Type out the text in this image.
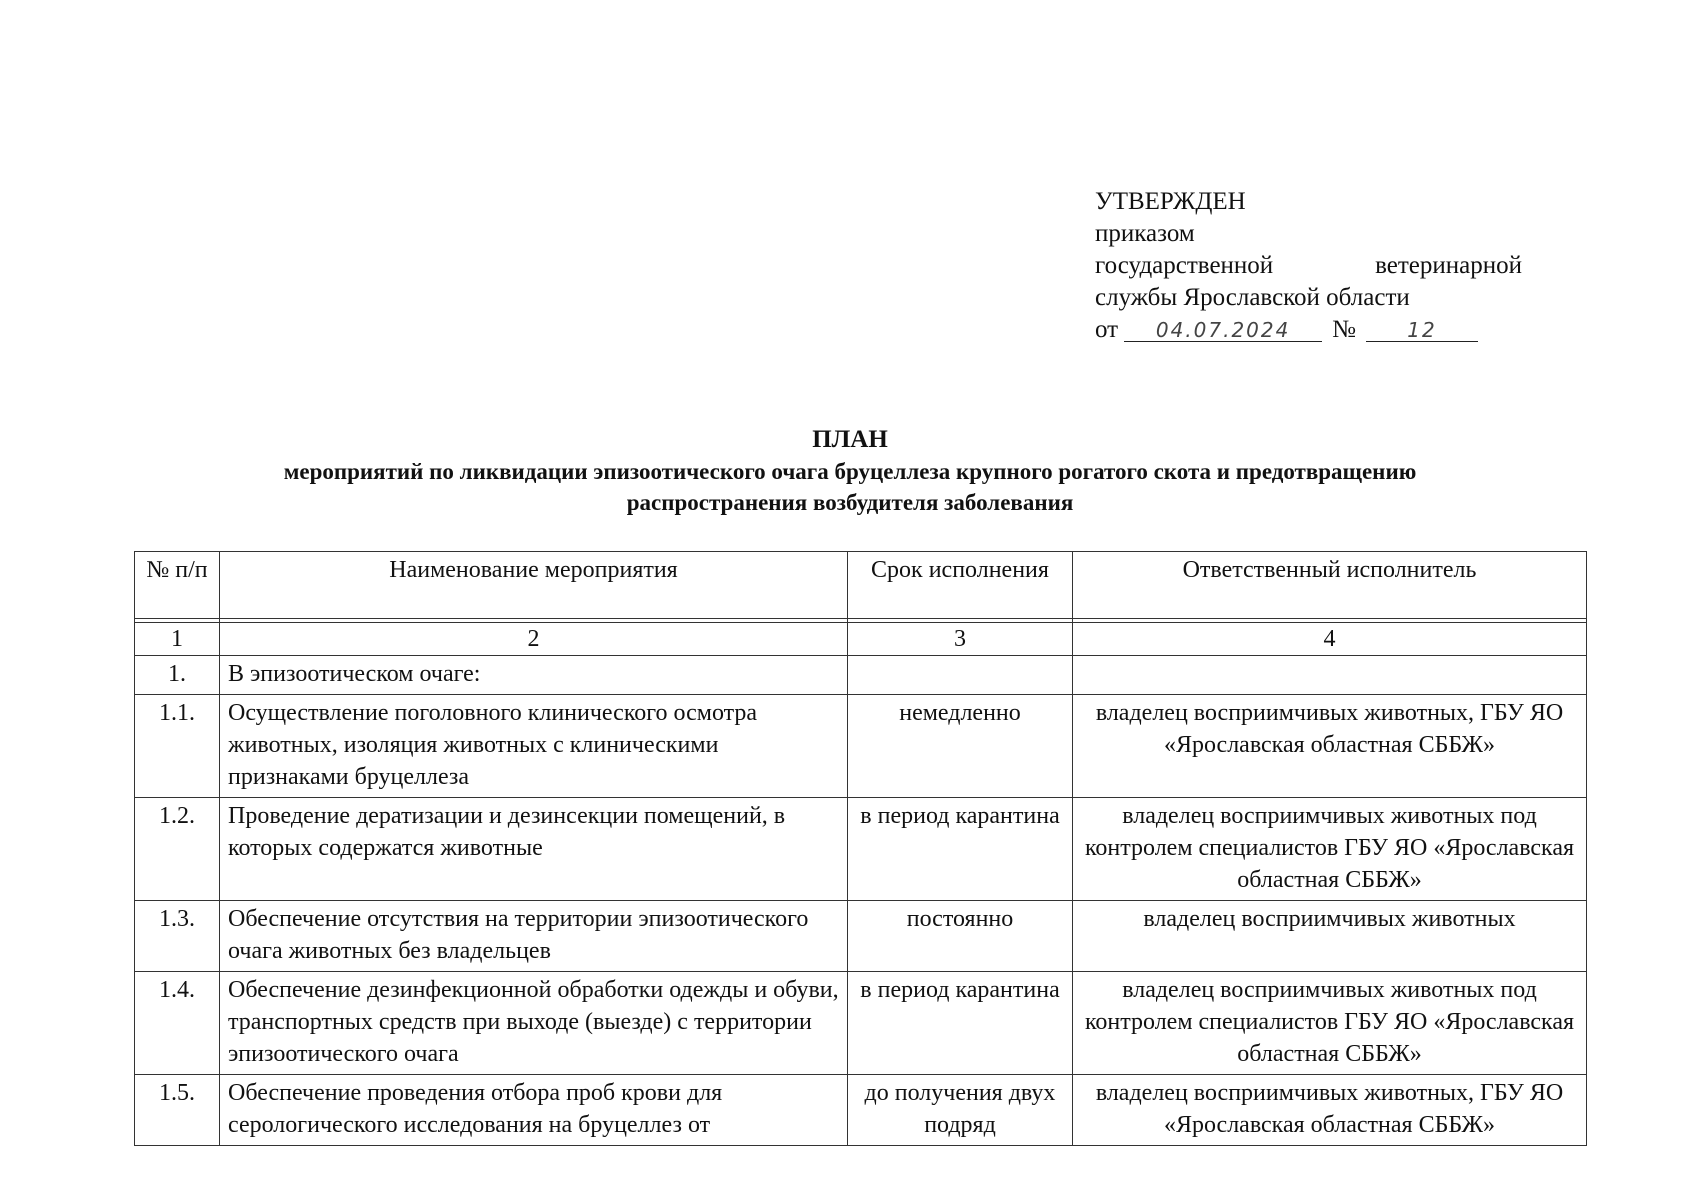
УТВЕРЖДЕН
приказом
государственной	ветеринарной
службы Ярославской области
от	04.07.2024	№	12
ПЛАН
мероприятий по ликвидации эпизоотического очага бруцеллеза крупного рогатого скота и предотвращению
распространения возбудителя заболевания
№ п/п	Наименование мероприятия	Срок исполнения	Ответственный исполнитель

1	2	3	4
1.	В эпизоотическом очаге:		
1.1.	Осуществление поголовного клинического осмотра животных, изоляция животных с клиническими признаками бруцеллеза	немедленно	владелец восприимчивых животных, ГБУ ЯО «Ярославская областная СББЖ»
1.2.	Проведение дератизации и дезинсекции помещений, в которых содержатся животные	в период карантина	владелец восприимчивых животных под контролем специалистов ГБУ ЯО «Ярославская областная СББЖ»
1.3.	Обеспечение отсутствия на территории эпизоотического очага животных без владельцев	постоянно	владелец восприимчивых животных
1.4.	Обеспечение дезинфекционной обработки одежды и обуви, транспортных средств при выходе (выезде) с территории эпизоотического очага	в период карантина	владелец восприимчивых животных под контролем специалистов ГБУ ЯО «Ярославская областная СББЖ»
1.5.	Обеспечение проведения отбора проб крови для серологического исследования на бруцеллез от	до получения двух подряд	владелец восприимчивых животных, ГБУ ЯО «Ярославская областная СББЖ»
